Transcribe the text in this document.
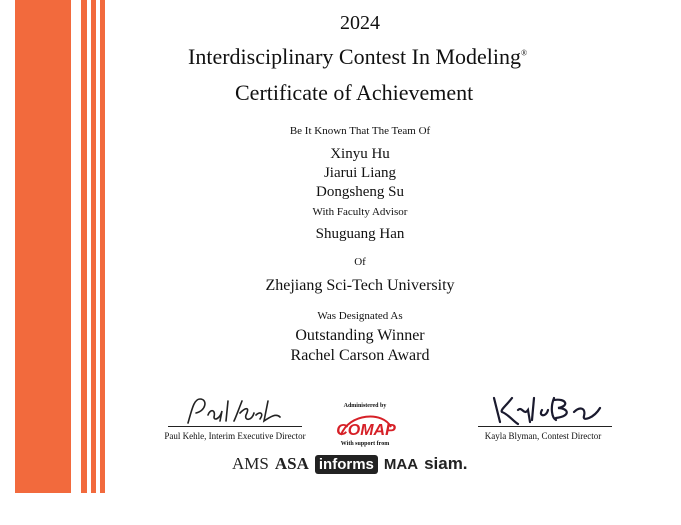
2024
Interdisciplinary Contest In Modeling®
Certificate of Achievement
Be It Known That The Team Of
Xinyu Hu
Jiarui Liang
Dongsheng Su
With Faculty Advisor
Shuguang Han
Of
Zhejiang Sci-Tech University
Was Designated As
Outstanding Winner
Rachel Carson Award
Paul Kehle, Interim Executive Director
Administered by
COMAP
With support from
Kayla Blyman, Contest Director
AMS ASA informs MAA siam.
